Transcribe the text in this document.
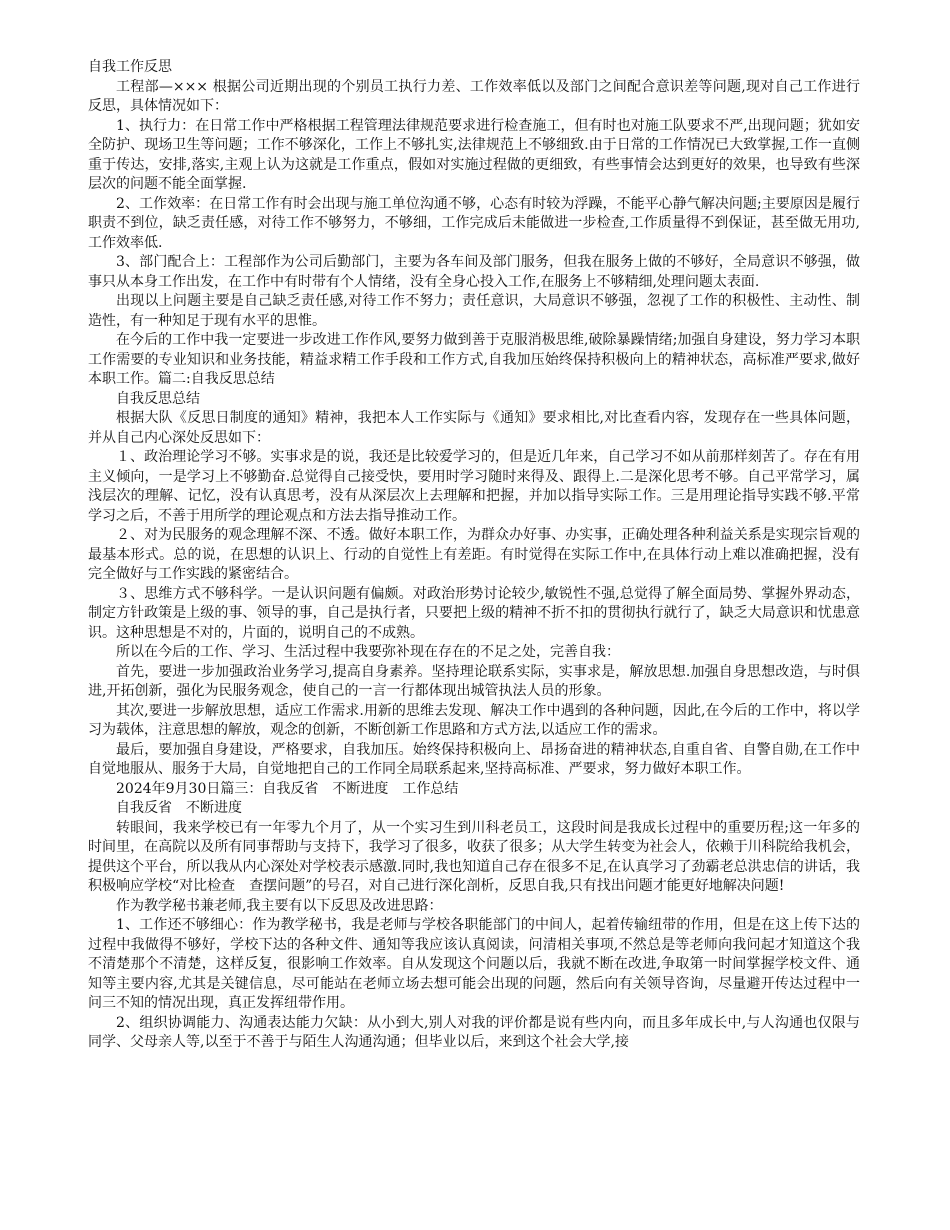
自我工作反思

工程部—××× 根据公司近期出现的个别员工执行力差、工作效率低以及部门之间配合意识差等问题,现对自己工作进行反思，具体情况如下：

1、执行力：在日常工作中严格根据工程管理法律规范要求进行检查施工，但有时也对施工队要求不严,出现问题；犹如安全防护、现场卫生等问题；工作不够深化，工作上不够扎实,法律规范上不够细致.由于日常的工作情况已大致掌握,工作一直侧重于传达，安排,落实,主观上认为这就是工作重点，假如对实施过程做的更细致，有些事情会达到更好的效果，也导致有些深层次的问题不能全面掌握.

2、工作效率：在日常工作有时会出现与施工单位沟通不够，心态有时较为浮躁，不能平心静气解决问题;主要原因是履行职责不到位，缺乏责任感，对待工作不够努力，不够细，工作完成后未能做进一步检查,工作质量得不到保证，甚至做无用功,工作效率低.

3、部门配合上：工程部作为公司后勤部门，主要为各车间及部门服务，但我在服务上做的不够好，全局意识不够强，做事只从本身工作出发，在工作中有时带有个人情绪，没有全身心投入工作,在服务上不够精细,处理问题太表面.

出现以上问题主要是自己缺乏责任感,对待工作不努力；责任意识，大局意识不够强，忽视了工作的积极性、主动性、制造性，有一种知足于现有水平的思惟。

在今后的工作中我一定要进一步改进工作作风,要努力做到善于克服消极思维,破除暴躁情绪;加强自身建设，努力学习本职工作需要的专业知识和业务技能，精益求精工作手段和工作方式,自我加压始终保持积极向上的精神状态，高标准严要求,做好本职工作。篇二:自我反思总结

自我反思总结

根据大队《反思日制度的通知》精神，我把本人工作实际与《通知》要求相比,对比查看内容，发现存在一些具体问题，并从自己内心深处反思如下：

１、政治理论学习不够。实事求是的说，我还是比较爱学习的，但是近几年来，自己学习不如从前那样刻苦了。存在有用主义倾向，一是学习上不够勤奋.总觉得自己接受快，要用时学习随时来得及、跟得上.二是深化思考不够。自己平常学习，属浅层次的理解、记忆，没有认真思考，没有从深层次上去理解和把握，并加以指导实际工作。三是用理论指导实践不够.平常学习之后，不善于用所学的理论观点和方法去指导推动工作。

２、对为民服务的观念理解不深、不透。做好本职工作，为群众办好事、办实事，正确处理各种利益关系是实现宗旨观的最基本形式。总的说，在思想的认识上、行动的自觉性上有差距。有时觉得在实际工作中,在具体行动上难以准确把握，没有完全做好与工作实践的紧密结合。

３、思维方式不够科学。一是认识问题有偏颇。对政治形势讨论较少,敏锐性不强,总觉得了解全面局势、掌握外界动态，制定方针政策是上级的事、领导的事，自己是执行者，只要把上级的精神不折不扣的贯彻执行就行了，缺乏大局意识和忧患意识。这种思想是不对的，片面的，说明自己的不成熟。

所以在今后的工作、学习、生活过程中我要弥补现在存在的不足之处，完善自我：

首先，要进一步加强政治业务学习,提高自身素养。坚持理论联系实际，实事求是，解放思想.加强自身思想改造，与时俱进,开拓创新，强化为民服务观念，使自己的一言一行都体现出城管执法人员的形象。

其次,要进一步解放思想，适应工作需求.用新的思维去发现、解决工作中遇到的各种问题，因此,在今后的工作中，将以学习为载体，注意思想的解放，观念的创新，不断创新工作思路和方式方法,以适应工作的需求。

最后，要加强自身建设，严格要求，自我加压。始终保持积极向上、昂扬奋进的精神状态,自重自省、自警自勋,在工作中自觉地服从、服务于大局，自觉地把自己的工作同全局联系起来,坚持高标准、严要求，努力做好本职工作。

2024年9月30日篇三：自我反省　不断进度　工作总结

自我反省　不断进度

转眼间，我来学校已有一年零九个月了，从一个实习生到川科老员工，这段时间是我成长过程中的重要历程;这一年多的时间里，在高院以及所有同事帮助与支持下，我学习了很多，收获了很多；从大学生转变为社会人，依赖于川科院给我机会，提供这个平台，所以我从内心深处对学校表示感激.同时,我也知道自己存在很多不足,在认真学习了劲霸老总洪忠信的讲话，我积极响应学校“对比检查　查摆问题”的号召，对自己进行深化剖析，反思自我,只有找出问题才能更好地解决问题!

作为教学秘书兼老师,我主要有以下反思及改进思路：

1、工作还不够细心：作为教学秘书，我是老师与学校各职能部门的中间人，起着传输纽带的作用，但是在这上传下达的过程中我做得不够好，学校下达的各种文件、通知等我应该认真阅读，问清相关事项,不然总是等老师向我问起才知道这个我不清楚那个不清楚，这样反复，很影响工作效率。自从发现这个问题以后，我就不断在改进,争取第一时间掌握学校文件、通知等主要内容,尤其是关键信息，尽可能站在老师立场去想可能会出现的问题，然后向有关领导咨询，尽量避开传达过程中一问三不知的情况出现，真正发挥纽带作用。

2、组织协调能力、沟通表达能力欠缺：从小到大,别人对我的评价都是说有些内向，而且多年成长中,与人沟通也仅限与同学、父母亲人等,以至于不善于与陌生人沟通沟通；但毕业以后，来到这个社会大学,接
